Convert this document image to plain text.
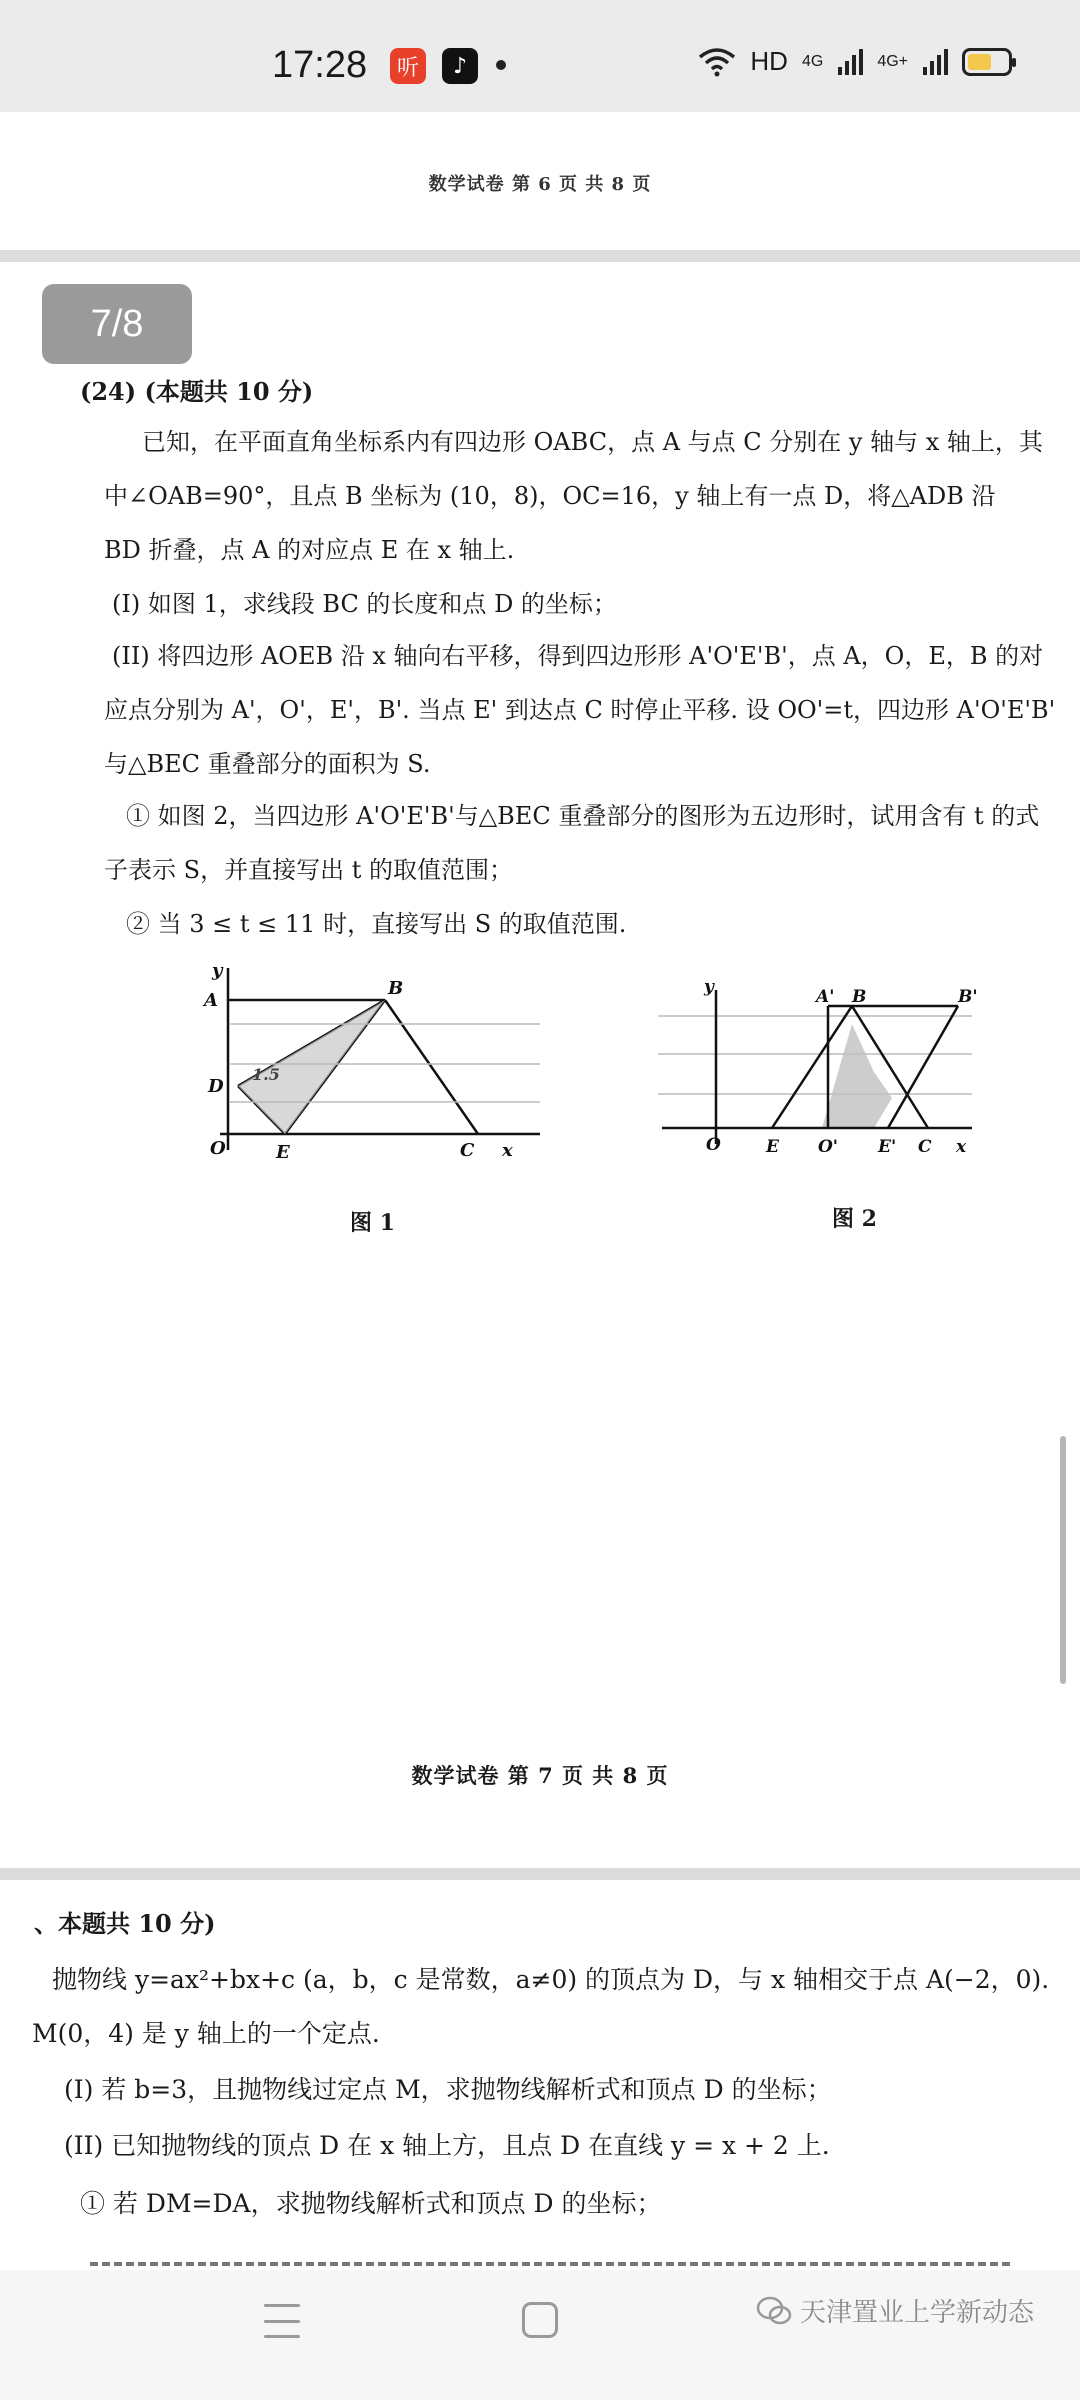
17:28	听	♪	HD 4G	4G+
数学试卷 第 6 页 共 8 页
7/8
(24) (本题共 10 分)
已知，在平面直角坐标系内有四边形 OABC，点 A 与点 C 分别在 y 轴与 x 轴上，其
中∠OAB=90°，且点 B 坐标为 (10，8)，OC=16，y 轴上有一点 D，将△ADB 沿
BD 折叠，点 A 的对应点 E 在 x 轴上.
(I) 如图 1，求线段 BC 的长度和点 D 的坐标；
(II) 将四边形 AOEB 沿 x 轴向右平移，得到四边形形 A'O'E'B'，点 A，O，E，B 的对
应点分别为 A'，O'，E'，B'. 当点 E' 到达点 C 时停止平移. 设 OO'=t，四边形 A'O'E'B'
与△BEC 重叠部分的面积为 S.
① 如图 2，当四边形 A'O'E'B'与△BEC 重叠部分的图形为五边形时，试用含有 t 的式
子表示 S，并直接写出 t 的取值范围；
② 当 3 ≤ t ≤ 11 时，直接写出 S 的取值范围.
y
A
B
D
O	E	C x
1.5
图 1
y	A' B	B'
O	E O' E' C x
图 2
数学试卷 第 7 页 共 8 页
、本题共 10 分)
抛物线 y=ax²+bx+c (a，b，c 是常数，a≠0) 的顶点为 D，与 x 轴相交于点 A(−2，0).
M(0，4) 是 y 轴上的一个定点.
(I) 若 b=3，且抛物线过定点 M，求抛物线解析式和顶点 D 的坐标；
(II) 已知抛物线的顶点 D 在 x 轴上方，且点 D 在直线 y = x + 2 上.
① 若 DM=DA，求抛物线解析式和顶点 D 的坐标；
天津置业上学新动态
